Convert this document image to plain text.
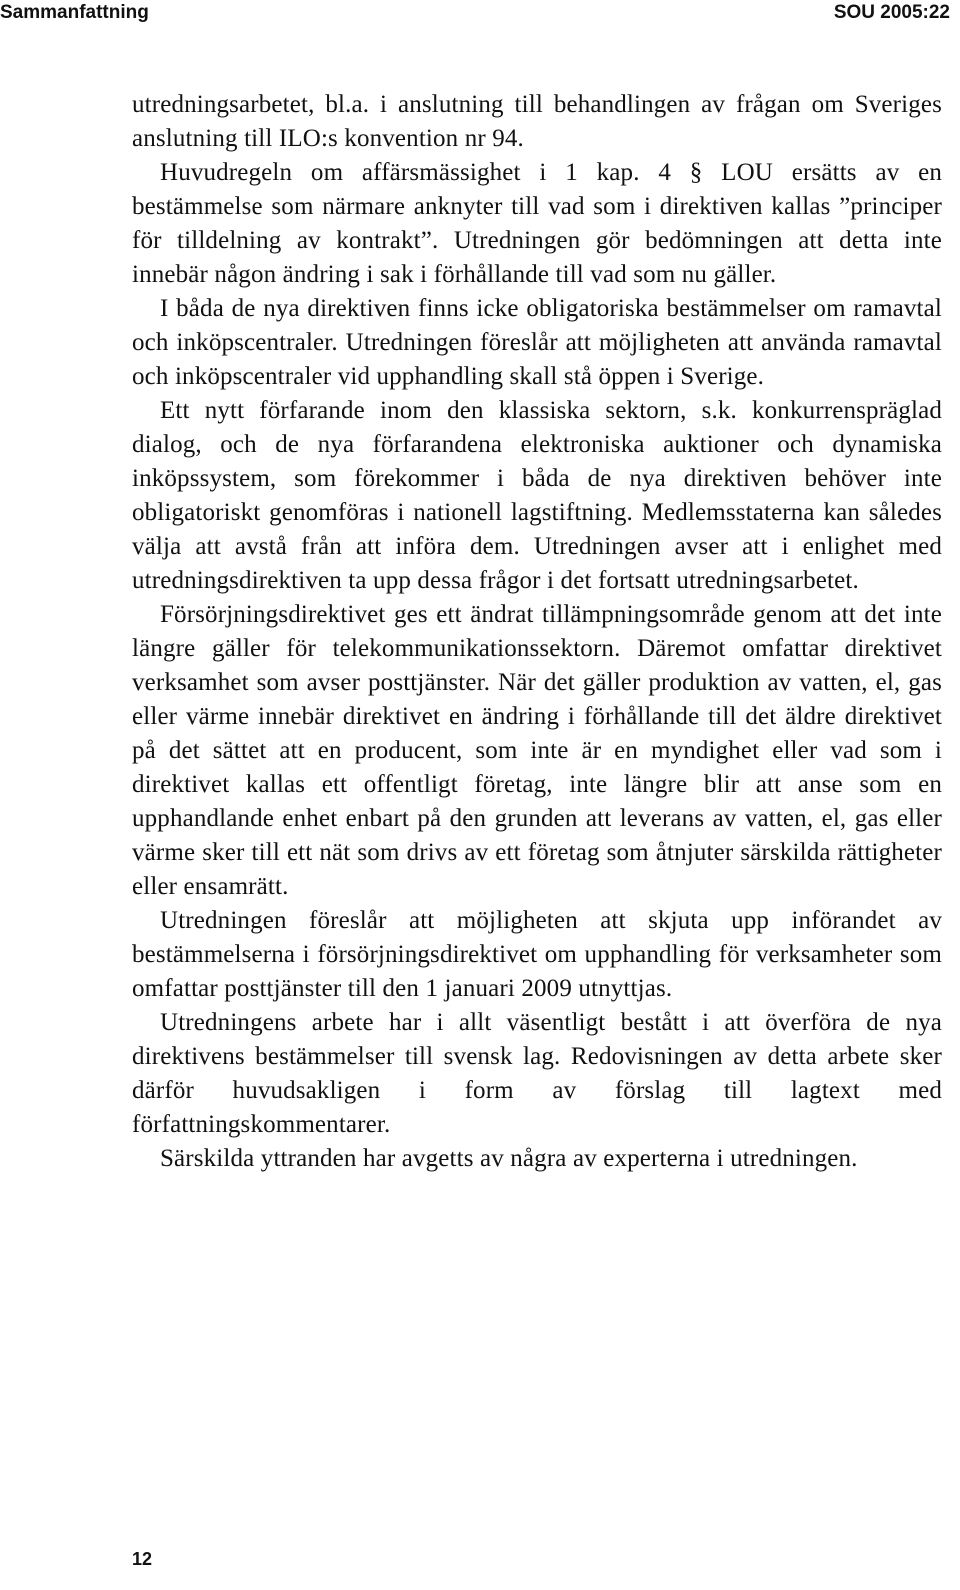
Sammanfattning	SOU 2005:22

utredningsarbetet, bl.a. i anslutning till behandlingen av frågan om Sveriges anslutning till ILO:s konvention nr 94.

Huvudregeln om affärsmässighet i 1 kap. 4 § LOU ersätts av en bestämmelse som närmare anknyter till vad som i direktiven kallas ”principer för tilldelning av kontrakt”. Utredningen gör bedömningen att detta inte innebär någon ändring i sak i förhållande till vad som nu gäller.

I båda de nya direktiven finns icke obligatoriska bestämmelser om ramavtal och inköpscentraler. Utredningen föreslår att möjligheten att använda ramavtal och inköpscentraler vid upphandling skall stå öppen i Sverige.

Ett nytt förfarande inom den klassiska sektorn, s.k. konkurrenspräglad dialog, och de nya förfarandena elektroniska auktioner och dynamiska inköpssystem, som förekommer i båda de nya direktiven behöver inte obligatoriskt genomföras i nationell lagstiftning. Medlemsstaterna kan således välja att avstå från att införa dem. Utredningen avser att i enlighet med utredningsdirektiven ta upp dessa frågor i det fortsatt utredningsarbetet.

Försörjningsdirektivet ges ett ändrat tillämpningsområde genom att det inte längre gäller för telekommunikationssektorn. Däremot omfattar direktivet verksamhet som avser posttjänster. När det gäller produktion av vatten, el, gas eller värme innebär direktivet en ändring i förhållande till det äldre direktivet på det sättet att en producent, som inte är en myndighet eller vad som i direktivet kallas ett offentligt företag, inte längre blir att anse som en upphandlande enhet enbart på den grunden att leverans av vatten, el, gas eller värme sker till ett nät som drivs av ett företag som åtnjuter särskilda rättigheter eller ensamrätt.

Utredningen föreslår att möjligheten att skjuta upp införandet av bestämmelserna i försörjningsdirektivet om upphandling för verksamheter som omfattar posttjänster till den 1 januari 2009 utnyttjas.

Utredningens arbete har i allt väsentligt bestått i att överföra de nya direktivens bestämmelser till svensk lag. Redovisningen av detta arbete sker därför huvudsakligen i form av förslag till lagtext med författningskommentarer.

Särskilda yttranden har avgetts av några av experterna i utredningen.

12
